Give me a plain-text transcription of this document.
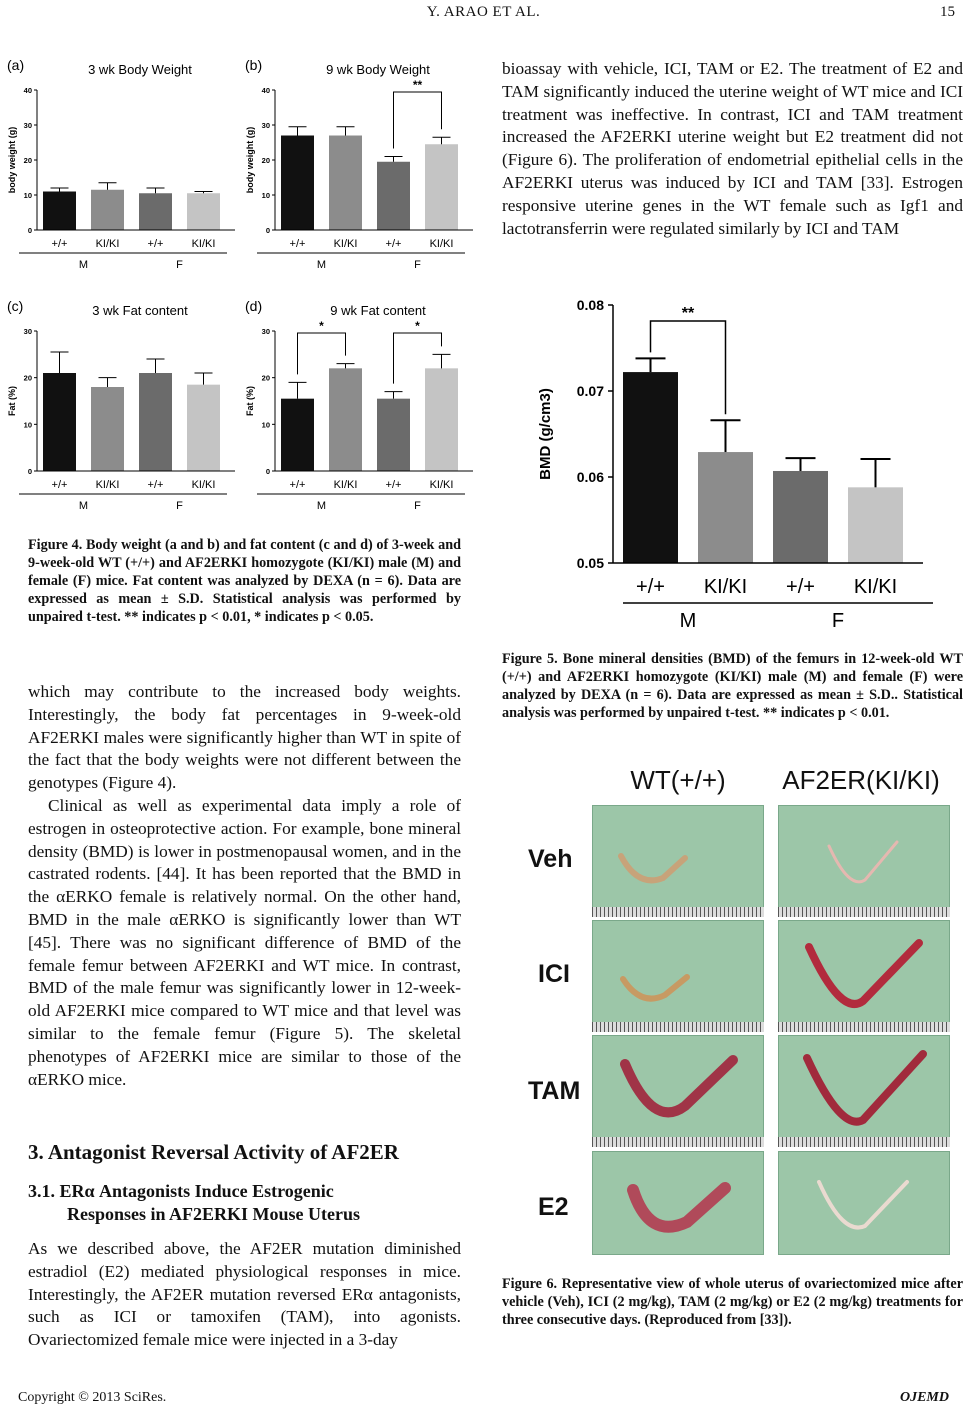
Y. ARAO ET AL.	15
(a)	3 wk Body Weight
body weight (g)
0
10
20
30
40
+/+	KI/KI	+/+	KI/KI
M	F
(b)	9 wk Body Weight
body weight (g)
0
10
20
30
40
+/+	KI/KI	+/+	KI/KI
M	F
**
(c)	3 wk Fat content
Fat (%)
0
10
20
30
+/+	KI/KI	+/+	KI/KI
M	F
(d)	9 wk Fat content
Fat (%)
0
10
20
30
+/+	KI/KI	+/+	KI/KI
M	F
*	*
Figure 4. Body weight (a and b) and fat content (c and d) of 3-week and 9-week-old WT (+/+) and AF2ERKI homozygote (KI/KI) male (M) and female (F) mice. Fat content was analyzed by DEXA (n = 6). Data are expressed as mean ± S.D. Statistical analysis was performed by unpaired t-test. ** indicates p < 0.01, * indicates p < 0.05.

which may contribute to the increased body weights. Interestingly, the body fat percentages in 9-week-old AF2ERKI males were significantly higher than WT in spite of the fact that the body weights were not different between the genotypes (Figure 4).

Clinical as well as experimental data imply a role of estrogen in osteoprotective action. For example, bone mineral density (BMD) is lower in postmenopausal women, and in the castrated rodents. [44]. It has been reported that the BMD in the αERKO female is relatively normal. On the other hand, BMD in the male αERKO is significantly lower than WT [45]. There was no significant difference of BMD of the female femur between AF2ERKI and WT mice. In contrast, BMD of the male femur was significantly lower in 12-week-old AF2ERKI mice compared to WT mice and that level was similar to the female femur (Figure 5). The skeletal phenotypes of AF2ERKI mice are similar to those of the αERKO mice.

3. Antagonist Reversal Activity of AF2ER
3.1. ERα Antagonists Induce Estrogenic
Responses in AF2ERKI Mouse Uterus

As we described above, the AF2ER mutation diminished estradiol (E2) mediated physiological responses in mice. Interestingly, the AF2ER mutation reversed ERα antagonists, such as ICI or tamoxifen (TAM), into agonists. Ovariectomized female mice were injected in a 3-day

bioassay with vehicle, ICI, TAM or E2. The treatment of E2 and TAM significantly induced the uterine weight of WT mice and ICI treatment was ineffective. In contrast, ICI and TAM treatment increased the AF2ERKI uterine weight but E2 treatment did not (Figure 6). The proliferation of endometrial epithelial cells in the AF2ERKI uterus was induced by ICI and TAM [33]. Estrogen responsive uterine genes in the WT female such as Igf1 and lactotransferrin were regulated similarly by ICI and TAM

BMD (g/cm3)
0.05
0.06
0.07
0.08
+/+ KI/KI +/+ KI/KI
M	F
**
Figure 5. Bone mineral densities (BMD) of the femurs in 12-week-old WT (+/+) and AF2ERKI homozygote (KI/KI) male (M) and female (F) were analyzed by DEXA (n = 6). Data are expressed as mean ± S.D.. Statistical analysis was performed by unpaired t-test. ** indicates p < 0.01.
WT(+/+)	AF2ER(KI/KI)
Veh
ICI
TAM
E2
Figure 6. Representative view of whole uterus of ovariectomized mice after vehicle (Veh), ICI (2 mg/kg), TAM (2 mg/kg) or E2 (2 mg/kg) treatments for three consecutive days. (Reproduced from [33]).
Copyright © 2013 SciRes.	OJEMD
